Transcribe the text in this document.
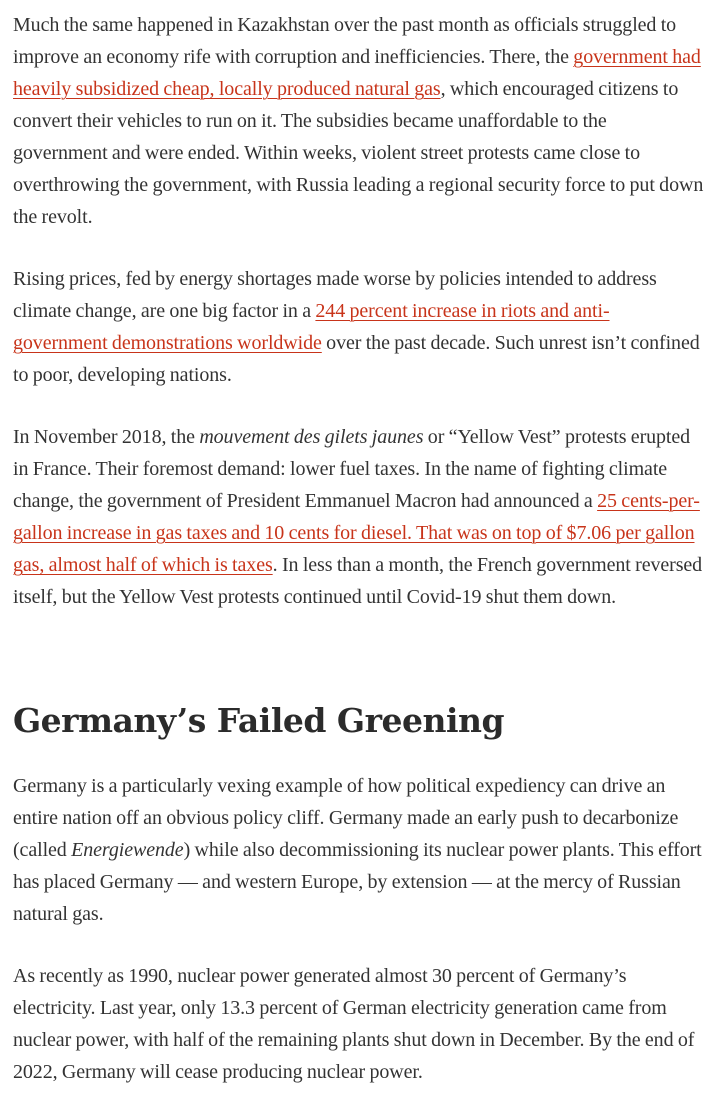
Much the same happened in Kazakhstan over the past month as officials struggled to improve an economy rife with corruption and inefficiencies. There, the government had heavily subsidized cheap, locally produced natural gas, which encouraged citizens to convert their vehicles to run on it. The subsidies became unaffordable to the government and were ended. Within weeks, violent street protests came close to overthrowing the government, with Russia leading a regional security force to put down the revolt.

Rising prices, fed by energy shortages made worse by policies intended to address climate change, are one big factor in a 244 percent increase in riots and anti-government demonstrations worldwide over the past decade. Such unrest isn’t confined to poor, developing nations.

In November 2018, the mouvement des gilets jaunes or “Yellow Vest” protests erupted in France. Their foremost demand: lower fuel taxes. In the name of fighting climate change, the government of President Emmanuel Macron had announced a 25 cents-per-gallon increase in gas taxes and 10 cents for diesel. That was on top of $7.06 per gallon gas, almost half of which is taxes. In less than a month, the French government reversed itself, but the Yellow Vest protests continued until Covid-19 shut them down.

Germany’s Failed Greening

Germany is a particularly vexing example of how political expediency can drive an entire nation off an obvious policy cliff. Germany made an early push to decarbonize (called Energiewende) while also decommissioning its nuclear power plants. This effort has placed Germany — and western Europe, by extension — at the mercy of Russian natural gas.

As recently as 1990, nuclear power generated almost 30 percent of Germany’s electricity. Last year, only 13.3 percent of German electricity generation came from nuclear power, with half of the remaining plants shut down in December. By the end of 2022, Germany will cease producing nuclear power.
